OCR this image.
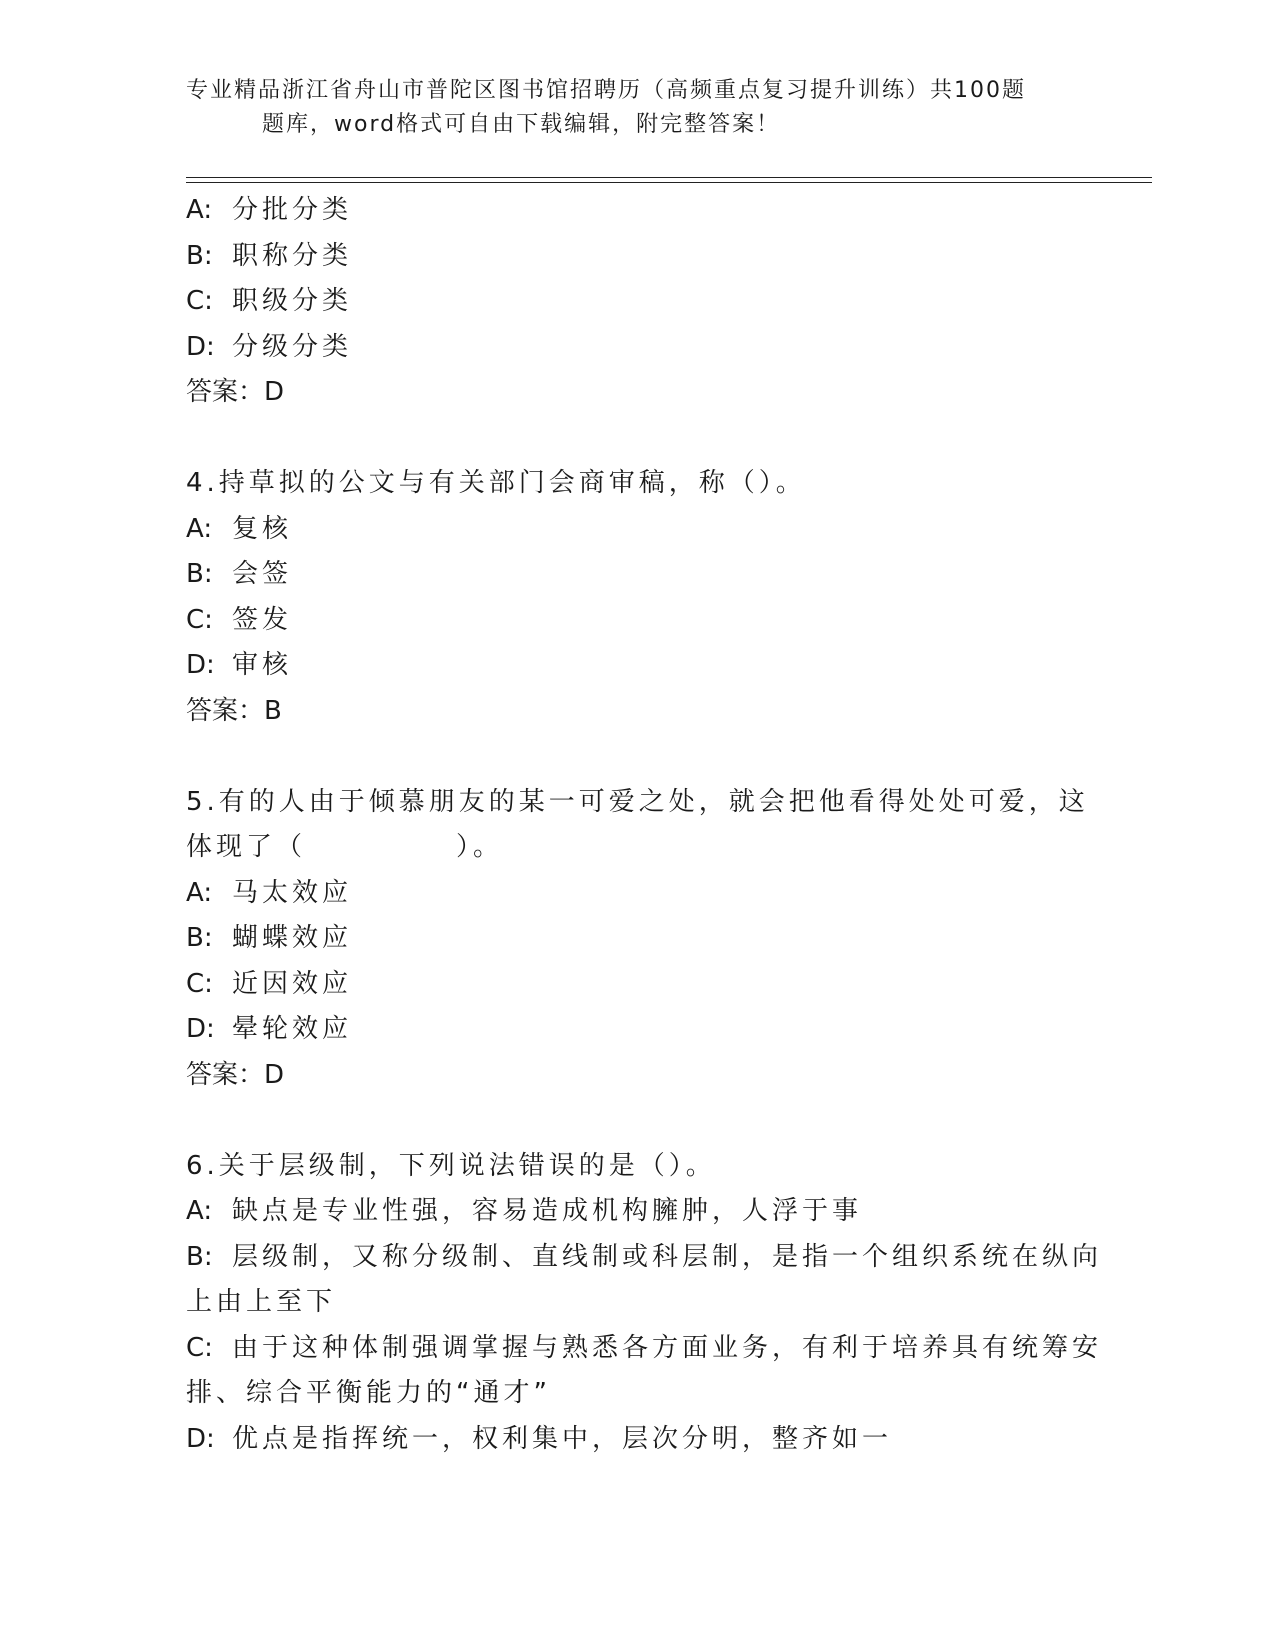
专业精品浙江省舟山市普陀区图书馆招聘历（高频重点复习提升训练）共100题
题库，word格式可自由下载编辑，附完整答案！
A: 分批分类
B: 职称分类
C: 职级分类
D: 分级分类
答案：D
4.持草拟的公文与有关部门会商审稿，称（）。
A: 复核
B: 会签
C: 签发
D: 审核
答案：B
5.有的人由于倾慕朋友的某一可爱之处，就会把他看得处处可爱，这
体现了（　　　　　）。
A: 马太效应
B: 蝴蝶效应
C: 近因效应
D: 晕轮效应
答案：D
6.关于层级制，下列说法错误的是（）。
A: 缺点是专业性强，容易造成机构臃肿，人浮于事
B: 层级制，又称分级制、直线制或科层制，是指一个组织系统在纵向
上由上至下
C: 由于这种体制强调掌握与熟悉各方面业务，有利于培养具有统筹安
排、综合平衡能力的“通才”
D: 优点是指挥统一，权利集中，层次分明，整齐如一
